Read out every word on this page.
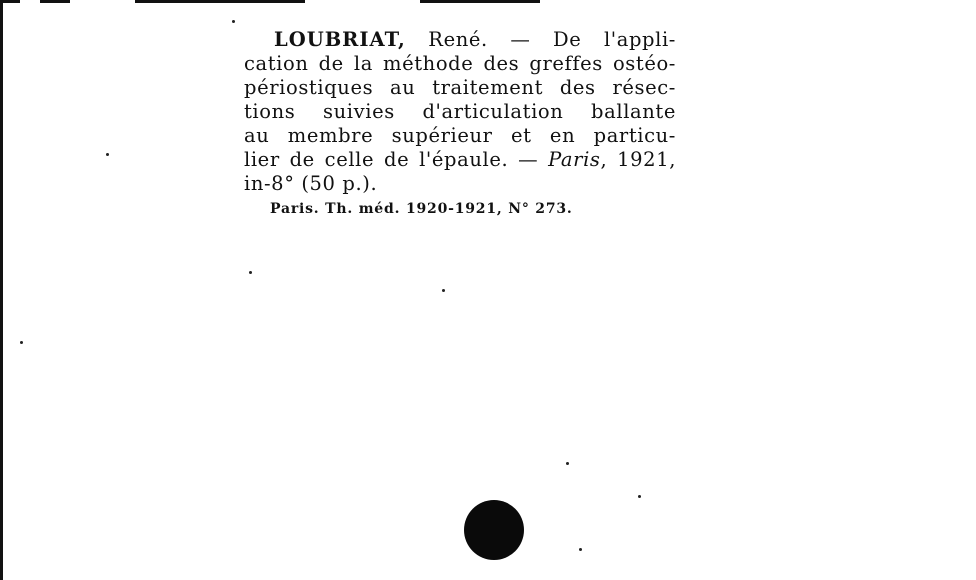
LOUBRIAT, René. — De l'appli-
cation de la méthode des greffes ostéo-
périostiques au traitement des résec-
tions suivies d'articulation ballante
au membre supérieur et en particu-
lier de celle de l'épaule. — Paris, 1921,
in-8° (50 p.).
Paris. Th. méd. 1920-1921, N° 273.
